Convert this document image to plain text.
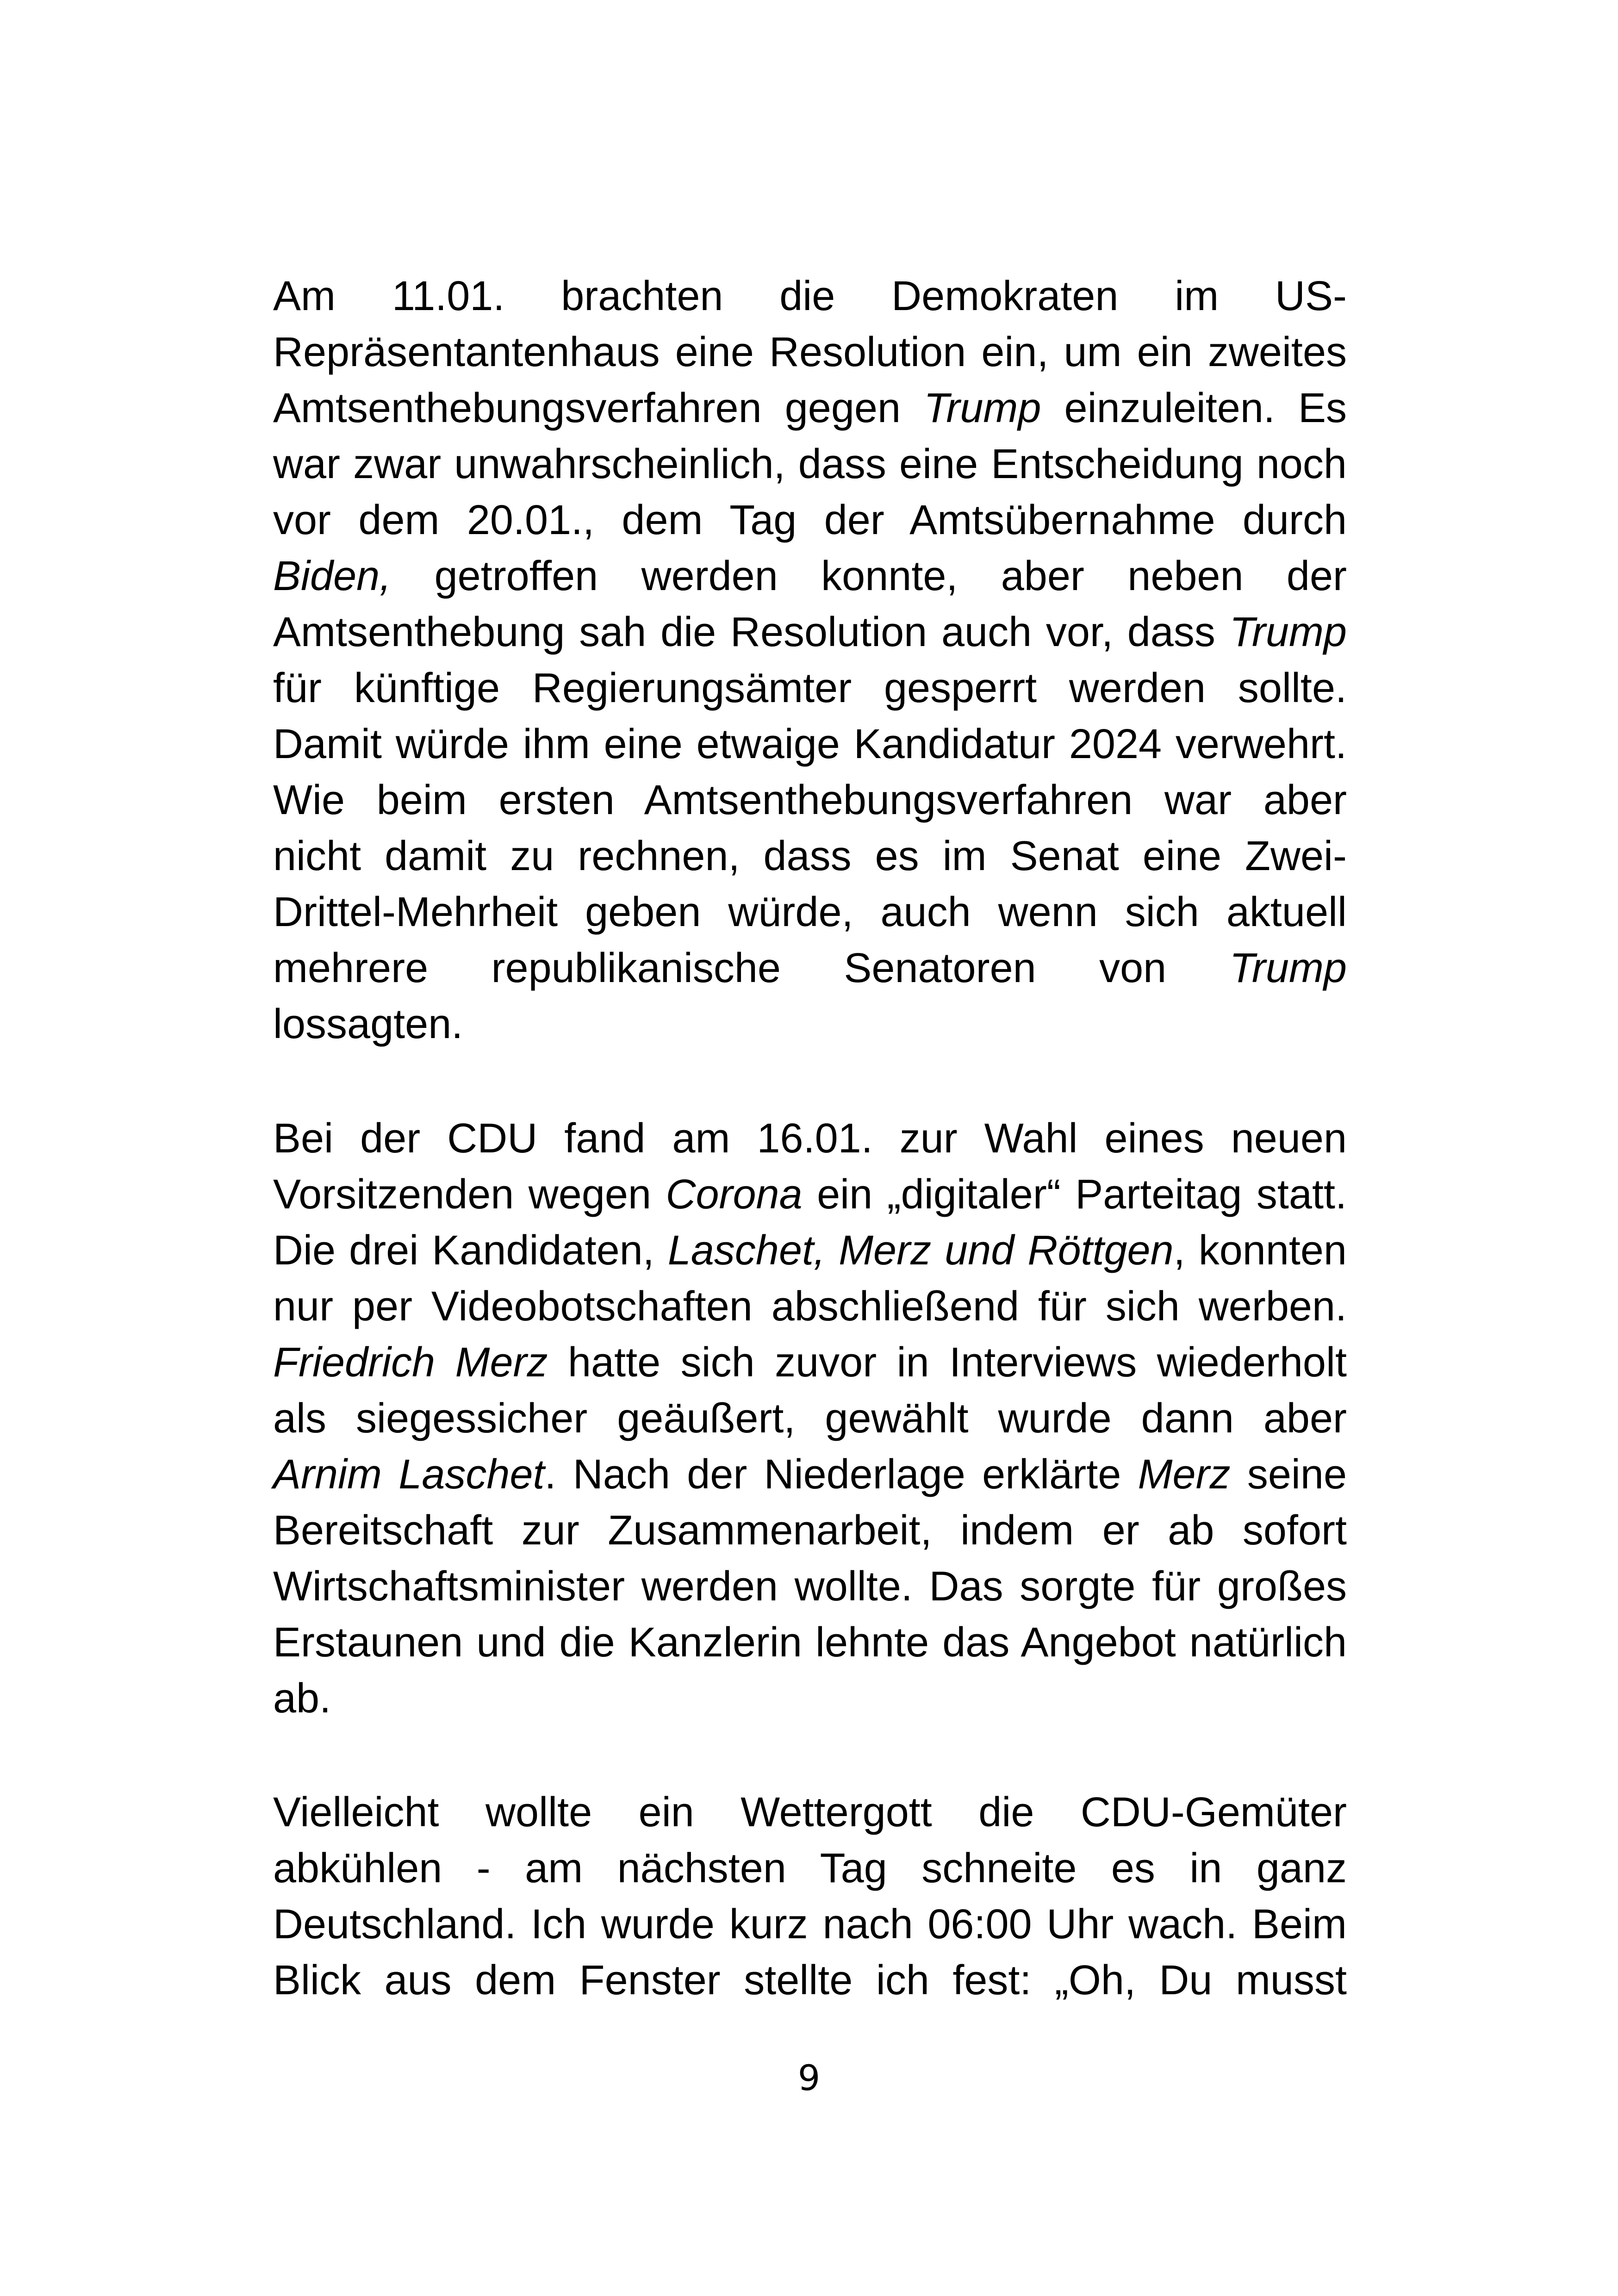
Am 11.01. brachten die Demokraten im US-
Repräsentantenhaus eine Resolution ein, um ein zweites
Amtsenthebungsverfahren gegen Trump einzuleiten. Es
war zwar unwahrscheinlich, dass eine Entscheidung noch
vor dem 20.01., dem Tag der Amtsübernahme durch
Biden, getroffen werden konnte, aber neben der
Amtsenthebung sah die Resolution auch vor, dass Trump
für künftige Regierungsämter gesperrt werden sollte.
Damit würde ihm eine etwaige Kandidatur 2024 verwehrt.
Wie beim ersten Amtsenthebungsverfahren war aber
nicht damit zu rechnen, dass es im Senat eine Zwei-
Drittel-Mehrheit geben würde, auch wenn sich aktuell
mehrere republikanische Senatoren von Trump
lossagten.
Bei der CDU fand am 16.01. zur Wahl eines neuen
Vorsitzenden wegen Corona ein „digitaler“ Parteitag statt.
Die drei Kandidaten, Laschet, Merz und Röttgen, konnten
nur per Videobotschaften abschließend für sich werben.
Friedrich Merz hatte sich zuvor in Interviews wiederholt
als siegessicher geäußert, gewählt wurde dann aber
Arnim Laschet. Nach der Niederlage erklärte Merz seine
Bereitschaft zur Zusammenarbeit, indem er ab sofort
Wirtschaftsminister werden wollte. Das sorgte für großes
Erstaunen und die Kanzlerin lehnte das Angebot natürlich
ab.
Vielleicht wollte ein Wettergott die CDU-Gemüter
abkühlen - am nächsten Tag schneite es in ganz
Deutschland. Ich wurde kurz nach 06:00 Uhr wach. Beim
Blick aus dem Fenster stellte ich fest: „Oh, Du musst
9
